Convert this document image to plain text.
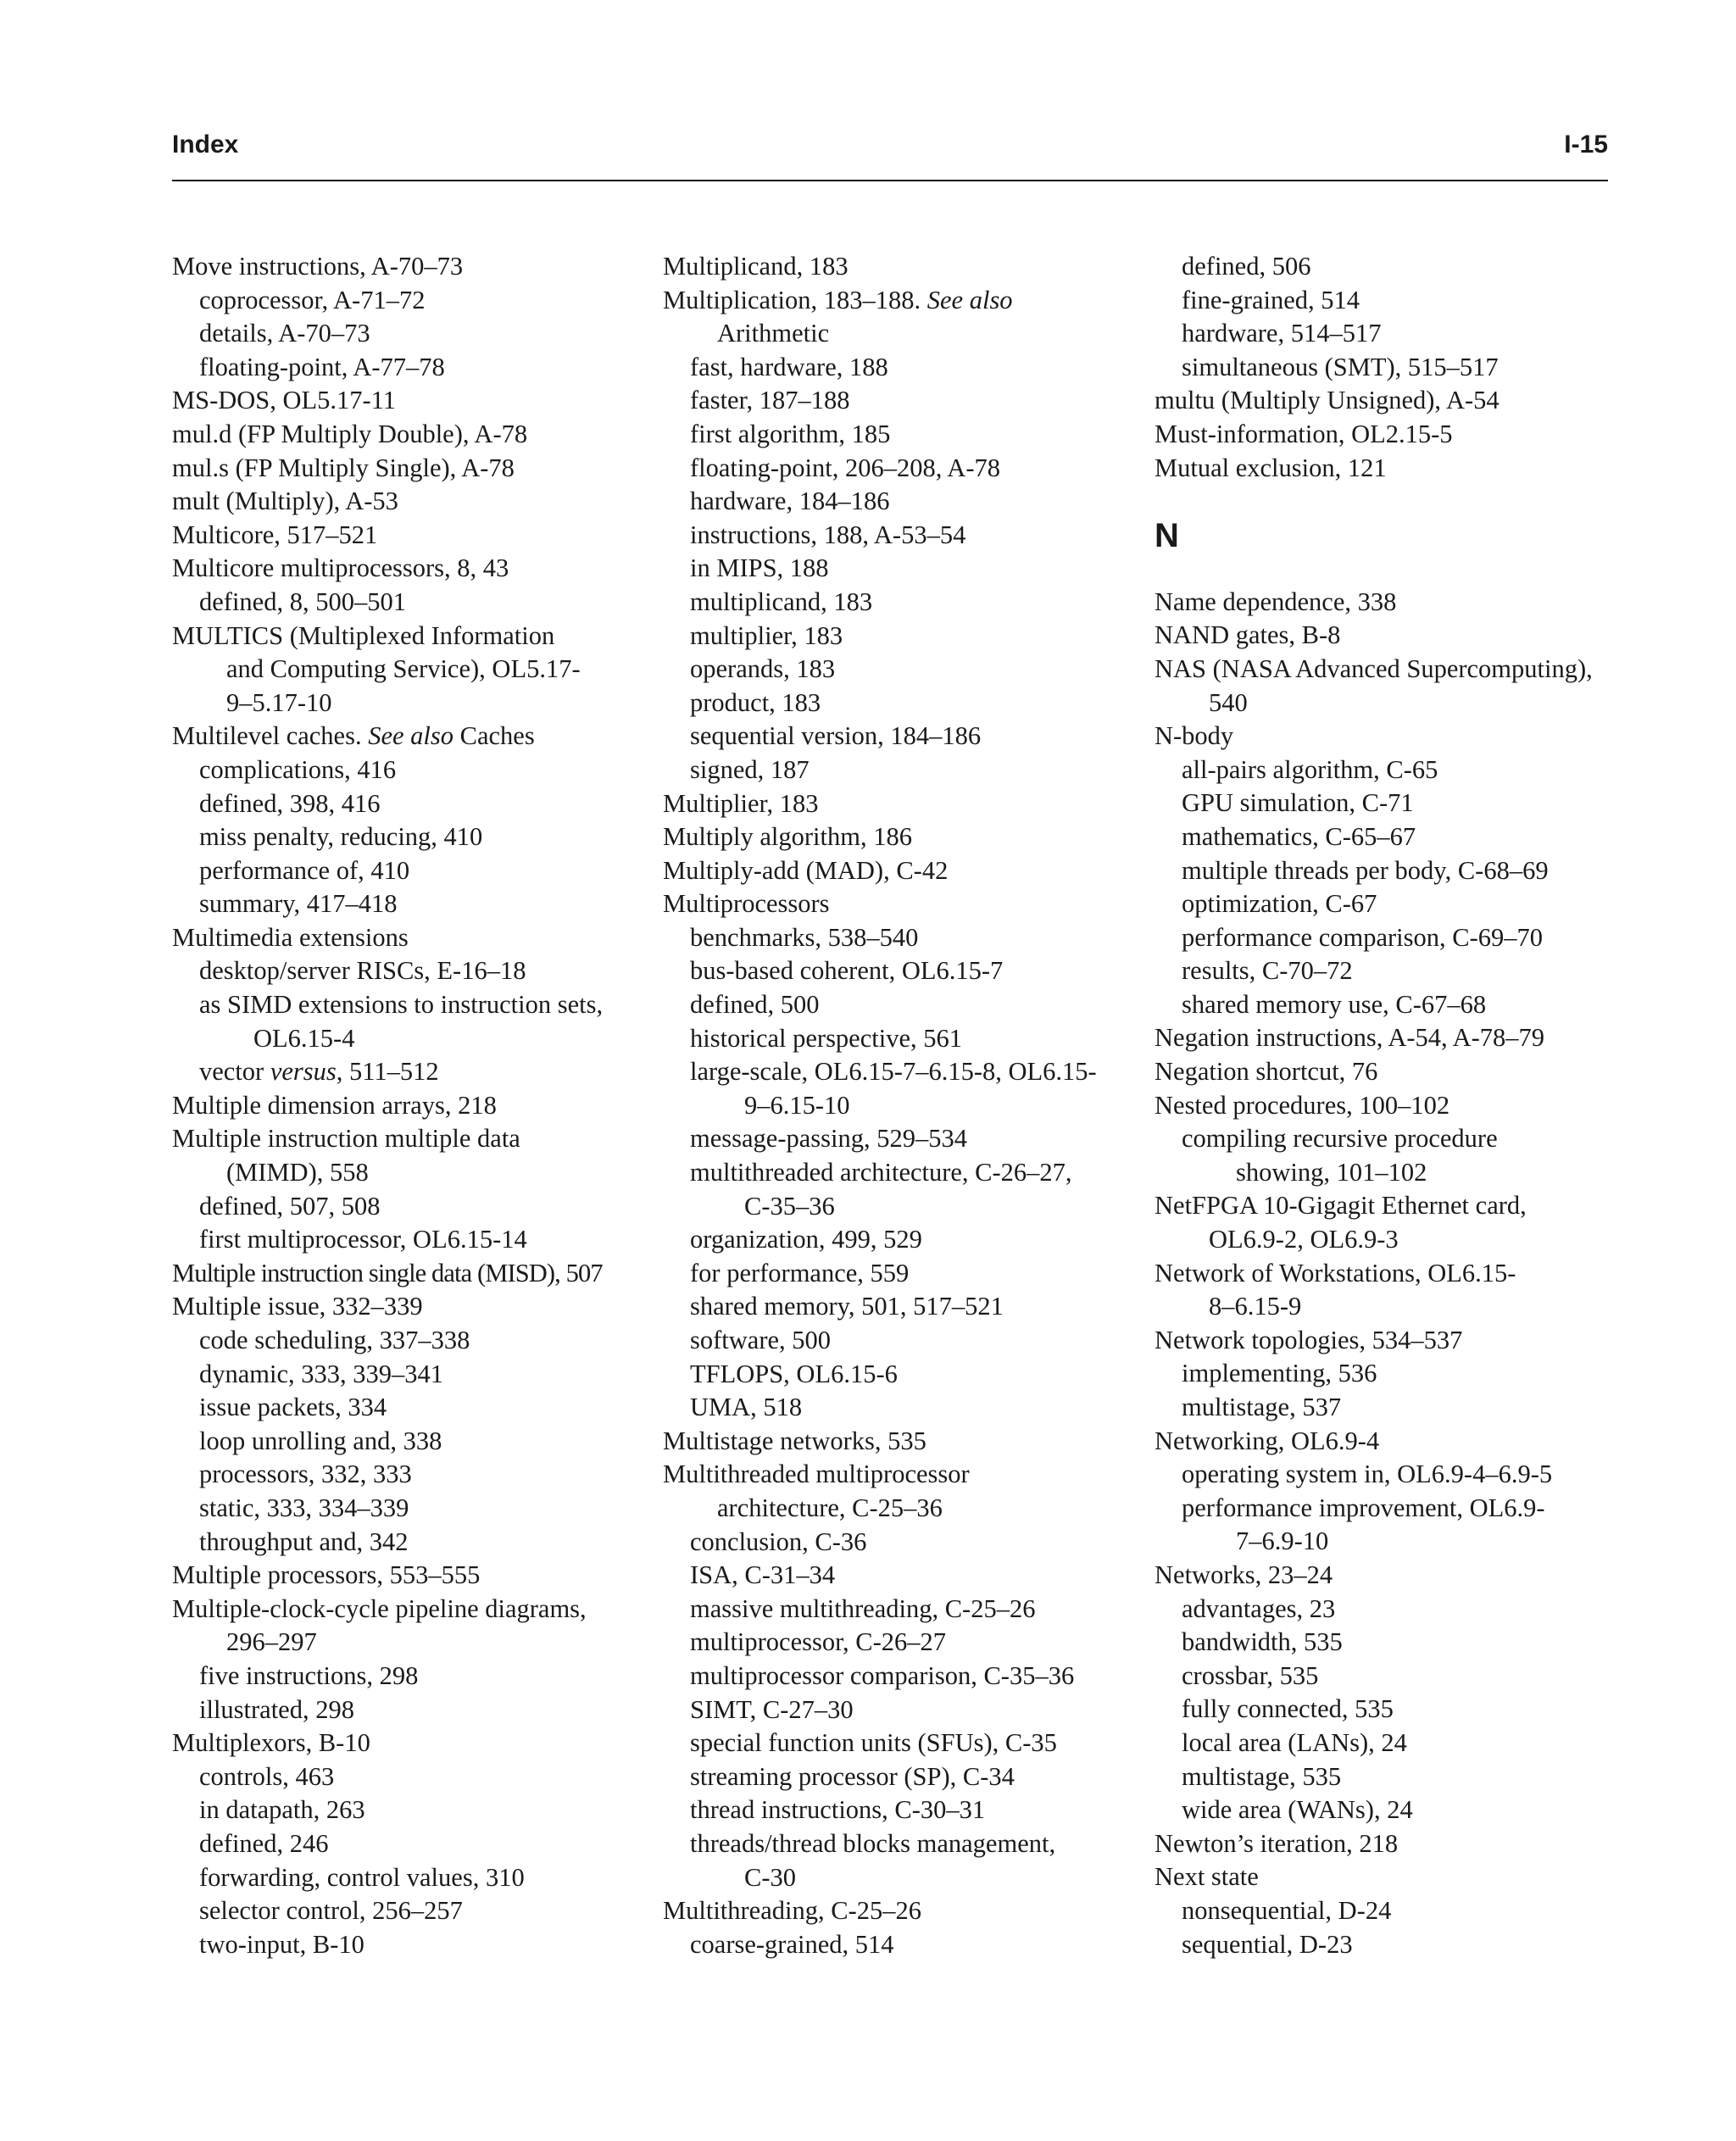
Index	I-15
Move instructions, A-70–73
coprocessor, A-71–72
details, A-70–73
floating-point, A-77–78
MS-DOS, OL5.17-11
mul.d (FP Multiply Double), A-78
mul.s (FP Multiply Single), A-78
mult (Multiply), A-53
Multicore, 517–521
Multicore multiprocessors, 8, 43
defined, 8, 500–501
MULTICS (Multiplexed Information
and Computing Service), OL5.17-
9–5.17-10
Multilevel caches. See also Caches
complications, 416
defined, 398, 416
miss penalty, reducing, 410
performance of, 410
summary, 417–418
Multimedia extensions
desktop/server RISCs, E-16–18
as SIMD extensions to instruction sets,
OL6.15-4
vector versus, 511–512
Multiple dimension arrays, 218
Multiple instruction multiple data
(MIMD), 558
defined, 507, 508
first multiprocessor, OL6.15-14
Multiple instruction single data (MISD), 507
Multiple issue, 332–339
code scheduling, 337–338
dynamic, 333, 339–341
issue packets, 334
loop unrolling and, 338
processors, 332, 333
static, 333, 334–339
throughput and, 342
Multiple processors, 553–555
Multiple-clock-cycle pipeline diagrams,
296–297
five instructions, 298
illustrated, 298
Multiplexors, B-10
controls, 463
in datapath, 263
defined, 246
forwarding, control values, 310
selector control, 256–257
two-input, B-10
Multiplicand, 183
Multiplication, 183–188. See also
Arithmetic
fast, hardware, 188
faster, 187–188
first algorithm, 185
floating-point, 206–208, A-78
hardware, 184–186
instructions, 188, A-53–54
in MIPS, 188
multiplicand, 183
multiplier, 183
operands, 183
product, 183
sequential version, 184–186
signed, 187
Multiplier, 183
Multiply algorithm, 186
Multiply-add (MAD), C-42
Multiprocessors
benchmarks, 538–540
bus-based coherent, OL6.15-7
defined, 500
historical perspective, 561
large-scale, OL6.15-7–6.15-8, OL6.15-
9–6.15-10
message-passing, 529–534
multithreaded architecture, C-26–27,
C-35–36
organization, 499, 529
for performance, 559
shared memory, 501, 517–521
software, 500
TFLOPS, OL6.15-6
UMA, 518
Multistage networks, 535
Multithreaded multiprocessor
architecture, C-25–36
conclusion, C-36
ISA, C-31–34
massive multithreading, C-25–26
multiprocessor, C-26–27
multiprocessor comparison, C-35–36
SIMT, C-27–30
special function units (SFUs), C-35
streaming processor (SP), C-34
thread instructions, C-30–31
threads/thread blocks management,
C-30
Multithreading, C-25–26
coarse-grained, 514
defined, 506
fine-grained, 514
hardware, 514–517
simultaneous (SMT), 515–517
multu (Multiply Unsigned), A-54
Must-information, OL2.15-5
Mutual exclusion, 121
N
Name dependence, 338
NAND gates, B-8
NAS (NASA Advanced Supercomputing),
540
N-body
all-pairs algorithm, C-65
GPU simulation, C-71
mathematics, C-65–67
multiple threads per body, C-68–69
optimization, C-67
performance comparison, C-69–70
results, C-70–72
shared memory use, C-67–68
Negation instructions, A-54, A-78–79
Negation shortcut, 76
Nested procedures, 100–102
compiling recursive procedure
showing, 101–102
NetFPGA 10-Gigagit Ethernet card,
OL6.9-2, OL6.9-3
Network of Workstations, OL6.15-
8–6.15-9
Network topologies, 534–537
implementing, 536
multistage, 537
Networking, OL6.9-4
operating system in, OL6.9-4–6.9-5
performance improvement, OL6.9-
7–6.9-10
Networks, 23–24
advantages, 23
bandwidth, 535
crossbar, 535
fully connected, 535
local area (LANs), 24
multistage, 535
wide area (WANs), 24
Newton’s iteration, 218
Next state
nonsequential, D-24
sequential, D-23
